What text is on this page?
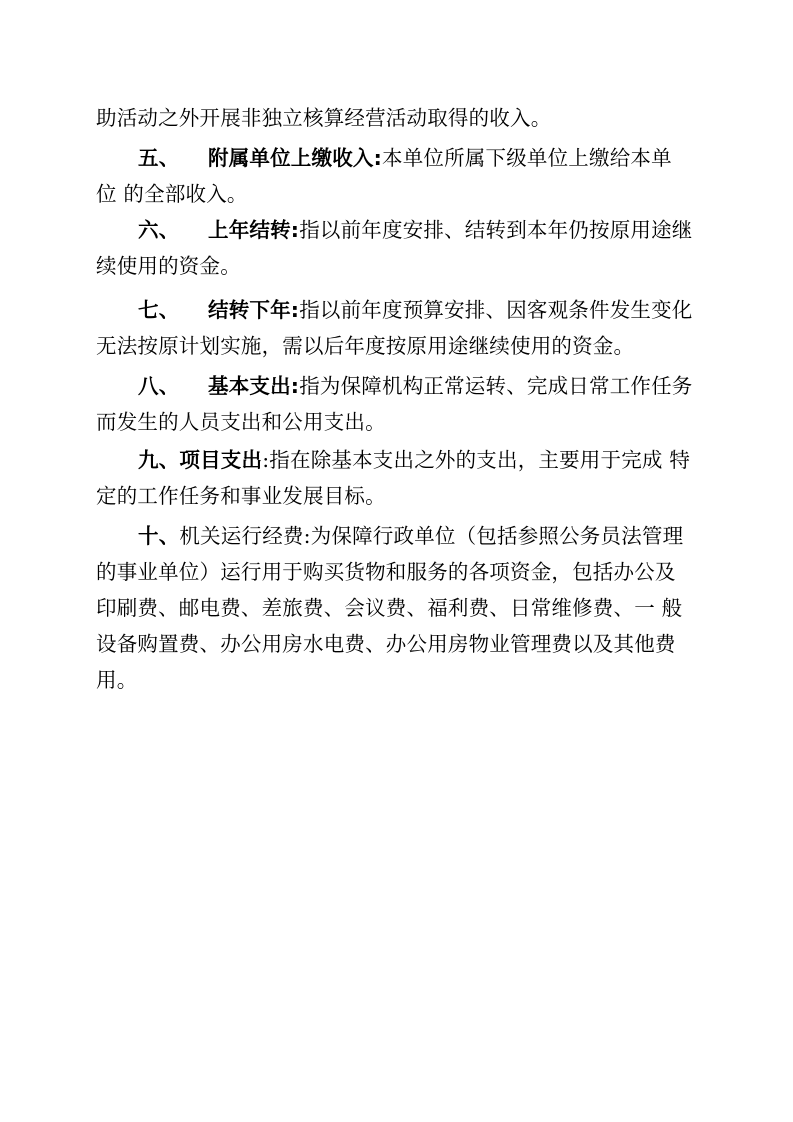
助活动之外开展非独立核算经营活动取得的收入。
五、 附属单位上缴收入:本单位所属下级单位上缴给本单
位 的全部收入。
六、 上年结转:指以前年度安排、结转到本年仍按原用途继
续使用的资金。
七、 结转下年:指以前年度预算安排、因客观条件发生变化
无法按原计划实施，需以后年度按原用途继续使用的资金。
八、 基本支出:指为保障机构正常运转、完成日常工作任务
而发生的人员支出和公用支出。
九、项目支出:指在除基本支出之外的支出，主要用于完成 特
定的工作任务和事业发展目标。
十、机关运行经费:为保障行政单位（包括参照公务员法管理
的事业单位）运行用于购买货物和服务的各项资金，包括办公及
印刷费、邮电费、差旅费、会议费、福利费、日常维修费、一 般
设备购置费、办公用房水电费、办公用房物业管理费以及其他费
用。
